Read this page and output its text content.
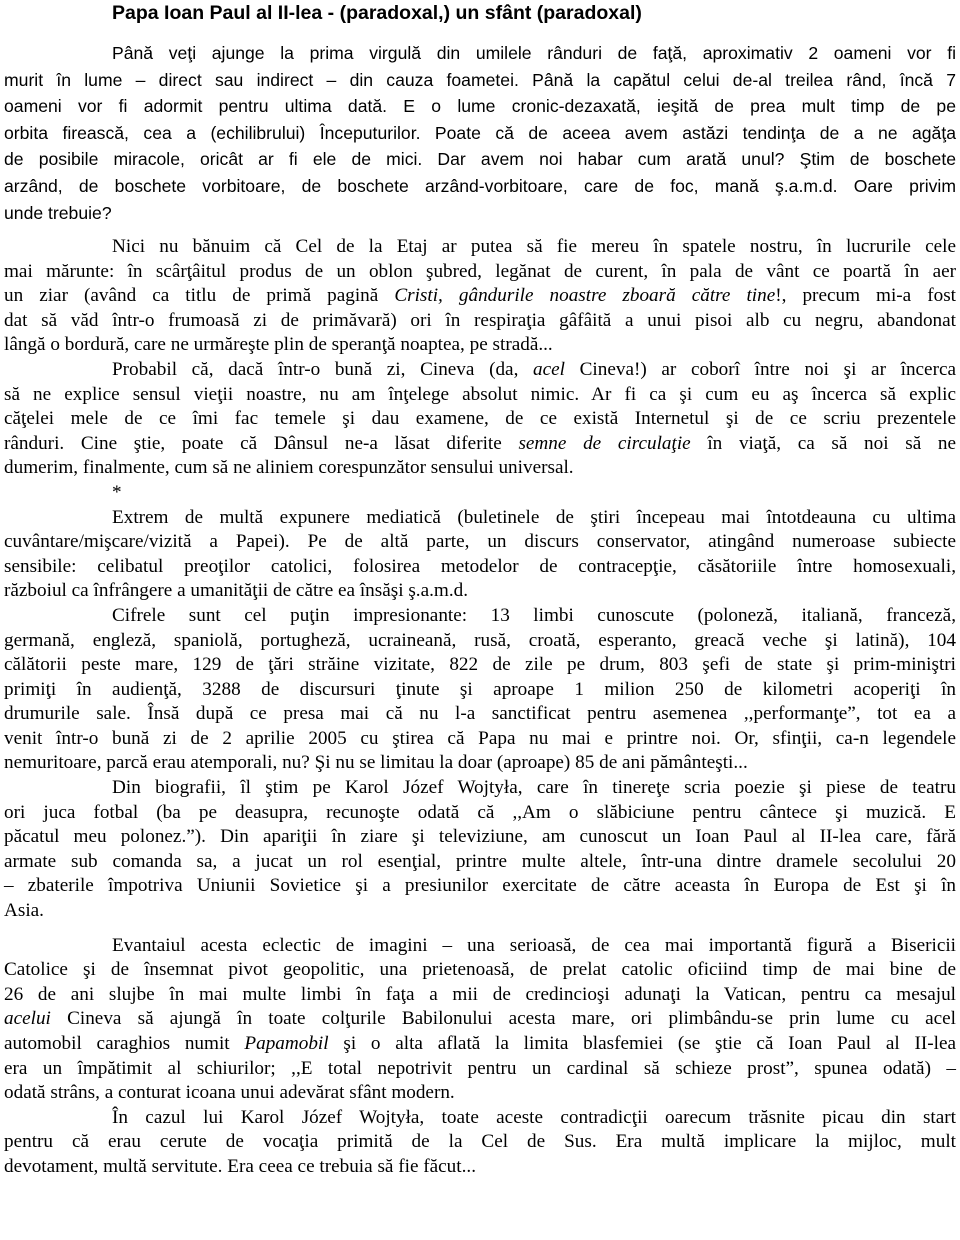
Papa Ioan Paul al II-lea - (paradoxal,) un sfânt (paradoxal)
Până veţi ajunge la prima virgulă din umilele rânduri de faţă, aproximativ 2 oameni vor fi
murit în lume – direct sau indirect – din cauza foametei. Până la capătul celui de-al treilea rând, încă 7
oameni vor fi adormit pentru ultima dată. E o lume cronic-dezaxată, ieşită de prea mult timp de pe
orbita firească, cea a (echilibrului) Începuturilor. Poate că de aceea avem astăzi tendinţa de a ne agăţa
de posibile miracole, oricât ar fi ele de mici. Dar avem noi habar cum arată unul? Ştim de boschete
arzând, de boschete vorbitoare, de boschete arzând-vorbitoare, care de foc, mană ş.a.m.d. Oare privim
unde trebuie?
Nici nu bănuim că Cel de la Etaj ar putea să fie mereu în spatele nostru, în lucrurile cele
mai mărunte: în scârţâitul produs de un oblon şubred, legănat de curent, în pala de vânt ce poartă în aer
un ziar (având ca titlu de primă pagină Cristi, gândurile noastre zboară către tine!, precum mi-a fost
dat să văd într-o frumoasă zi de primăvară) ori în respiraţia gâfâită a unui pisoi alb cu negru, abandonat
lângă o bordură, care ne urmăreşte plin de speranţă noaptea, pe stradă...
Probabil că, dacă într-o bună zi, Cineva (da, acel Cineva!) ar coborî între noi şi ar încerca
să ne explice sensul vieţii noastre, nu am înţelege absolut nimic. Ar fi ca şi cum eu aş încerca să explic
căţelei mele de ce îmi fac temele şi dau examene, de ce există Internetul şi de ce scriu prezentele
rânduri. Cine ştie, poate că Dânsul ne-a lăsat diferite semne de circulaţie în viaţă, ca să noi să ne
dumerim, finalmente, cum să ne aliniem corespunzător sensului universal.
*
Extrem de multă expunere mediatică (buletinele de ştiri începeau mai întotdeauna cu ultima
cuvântare/mişcare/vizită a Papei). Pe de altă parte, un discurs conservator, atingând numeroase subiecte
sensibile: celibatul preoţilor catolici, folosirea metodelor de contracepţie, căsătoriile între homosexuali,
războiul ca înfrângere a umanităţii de către ea însăşi ş.a.m.d.
Cifrele sunt cel puţin impresionante: 13 limbi cunoscute (poloneză, italiană, franceză,
germană, engleză, spaniolă, portugheză, ucraineană, rusă, croată, esperanto, greacă veche şi latină), 104
călătorii peste mare, 129 de ţări străine vizitate, 822 de zile pe drum, 803 şefi de state şi prim-miniştri
primiţi în audienţă, 3288 de discursuri ţinute şi aproape 1 milion 250 de kilometri acoperiţi în
drumurile sale. Însă după ce presa mai că nu l-a sanctificat pentru asemenea ,,performanţe”, tot ea a
venit într-o bună zi de 2 aprilie 2005 cu ştirea că Papa nu mai e printre noi. Or, sfinţii, ca-n legendele
nemuritoare, parcă erau atemporali, nu? Şi nu se limitau la doar (aproape) 85 de ani pământeşti...
Din biografii, îl ştim pe Karol Józef Wojtyła, care în tinereţe scria poezie şi piese de teatru
ori juca fotbal (ba pe deasupra, recunoşte odată că ,,Am o slăbiciune pentru cântece şi muzică. E
păcatul meu polonez.”). Din apariţii în ziare şi televiziune, am cunoscut un Ioan Paul al II-lea care, fără
armate sub comanda sa, a jucat un rol esenţial, printre multe altele, într-una dintre dramele secolului 20
– zbaterile împotriva Uniunii Sovietice şi a presiunilor exercitate de către aceasta în Europa de Est şi în
Asia.
Evantaiul acesta eclectic de imagini – una serioasă, de cea mai importantă figură a Bisericii
Catolice şi de însemnat pivot geopolitic, una prietenoasă, de prelat catolic oficiind timp de mai bine de
26 de ani slujbe în mai multe limbi în faţa a mii de credincioşi adunaţi la Vatican, pentru ca mesajul
acelui Cineva să ajungă în toate colţurile Babilonului acesta mare, ori plimbându-se prin lume cu acel
automobil caraghios numit Papamobil şi o alta aflată la limita blasfemiei (se ştie că Ioan Paul al II-lea
era un împătimit al schiurilor; ,,E total nepotrivit pentru un cardinal să schieze prost”, spunea odată) –
odată strâns, a conturat icoana unui adevărat sfânt modern.
În cazul lui Karol Józef Wojtyła, toate aceste contradicţii oarecum trăsnite picau din start
pentru că erau cerute de vocaţia primită de la Cel de Sus. Era multă implicare la mijloc, mult
devotament, multă servitute. Era ceea ce trebuia să fie făcut...
